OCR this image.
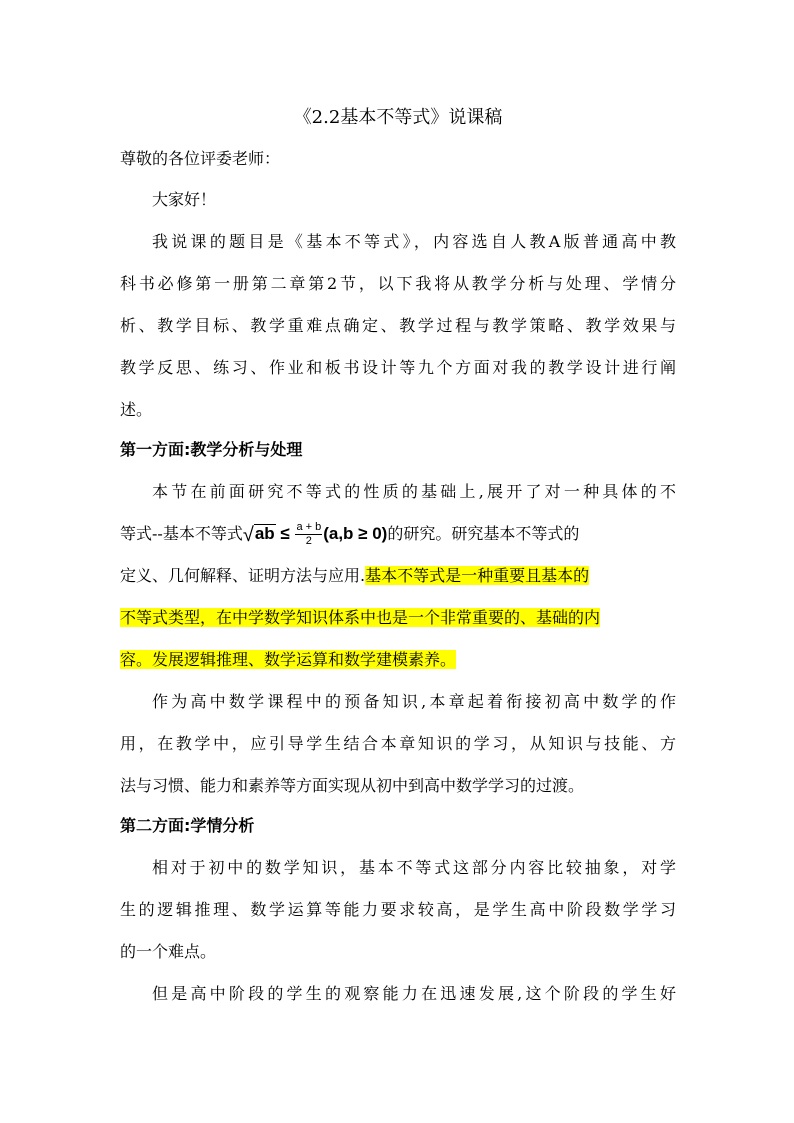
《2.2基本不等式》说课稿
尊敬的各位评委老师：
大家好！
我说课的题目是《基本不等式》，内容选自人教A版普通高中教
科书必修第一册第二章第2节，以下我将从教学分析与处理、学情分
析、教学目标、教学重难点确定、教学过程与教学策略、教学效果与
教学反思、练习、作业和板书设计等九个方面对我的教学设计进行阐
述。
第一方面:教学分析与处理
本节在前面研究不等式的性质的基础上,展开了对一种具体的不
等式--基本不等式$√ab \le \frac{a + b}{2} (a,b \ge 0)$的研究。研究基本不等式的
定义、几何解释、证明方法与应用.基本不等式是一种重要且基本的
不等式类型，在中学数学知识体系中也是一个非常重要的、基础的内
容。发展逻辑推理、数学运算和数学建模素养。
作为高中数学课程中的预备知识,本章起着衔接初高中数学的作
用，在教学中，应引导学生结合本章知识的学习，从知识与技能、方
法与习惯、能力和素养等方面实现从初中到高中数学学习的过渡。
第二方面:学情分析
相对于初中的数学知识，基本不等式这部分内容比较抽象，对学
生的逻辑推理、数学运算等能力要求较高，是学生高中阶段数学学习
的一个难点。
但是高中阶段的学生的观察能力在迅速发展,这个阶段的学生好
